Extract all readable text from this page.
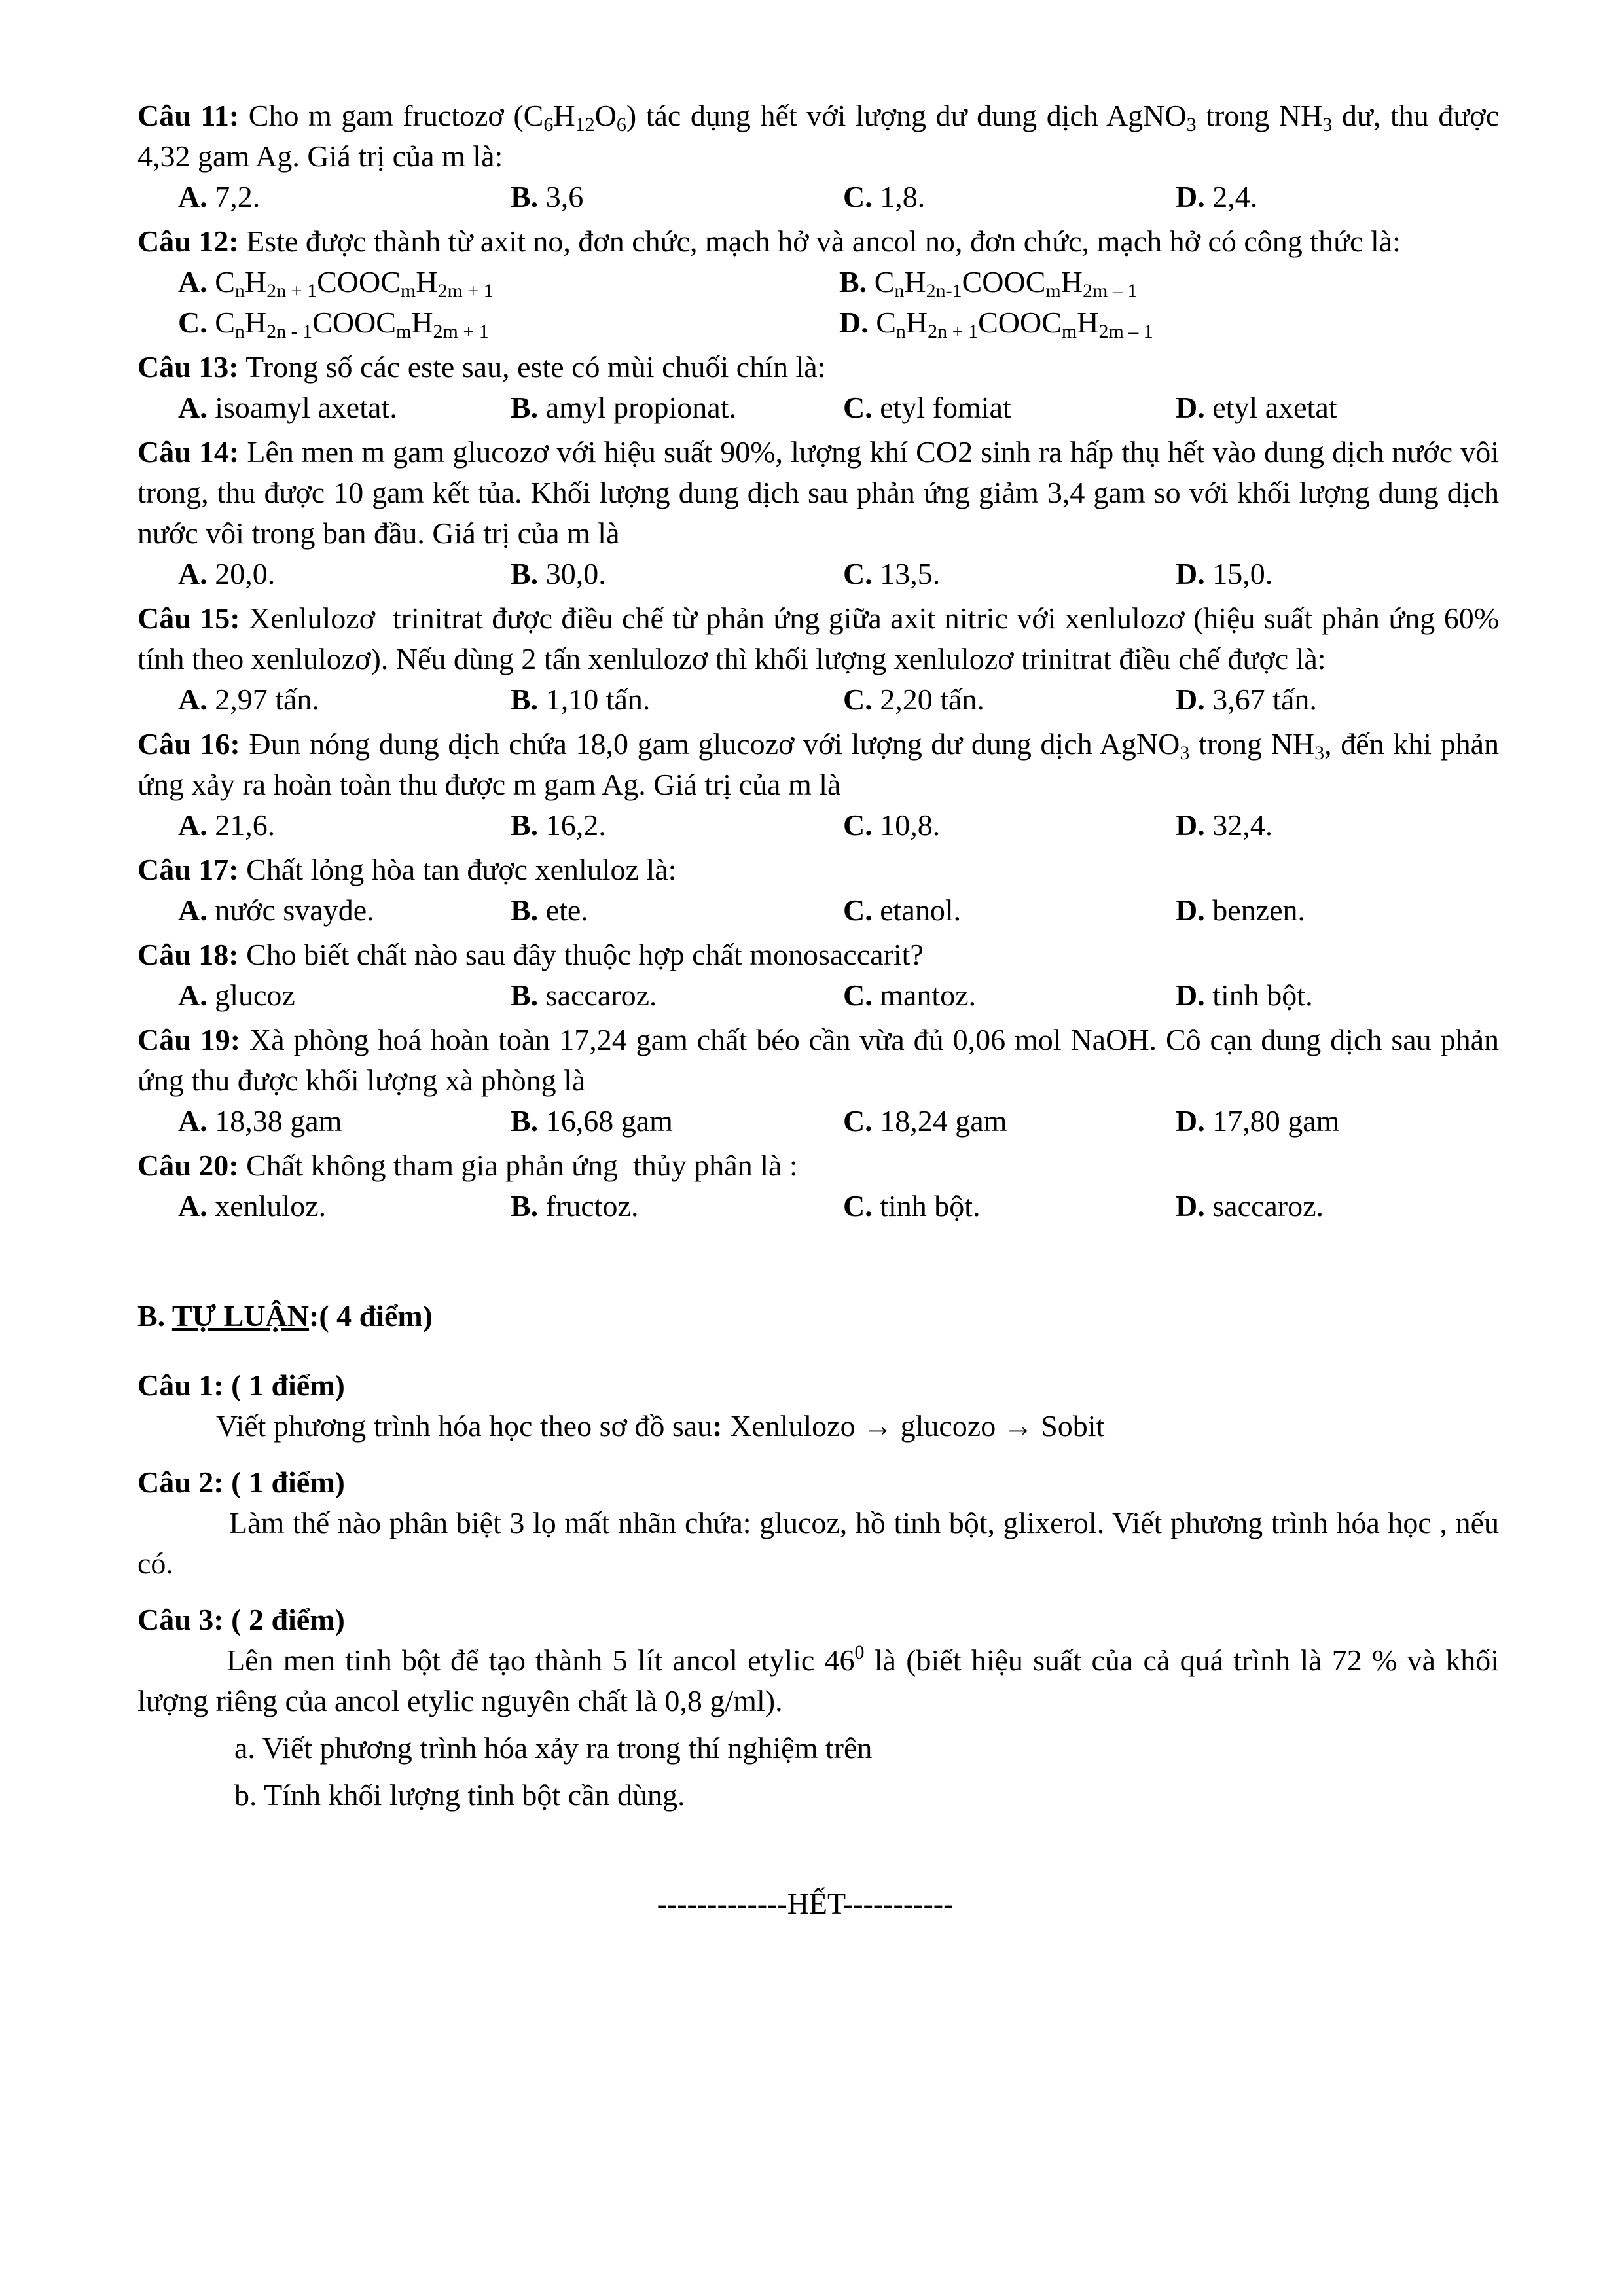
Câu 11: Cho m gam fructozơ $(C_6H_{12}O_6)$ tác dụng hết với lượng dư dung dịch AgNO$_3$ trong $NH_3$ dư, thu được 4,32 gam Ag. Giá trị của m là:
A. 7,2.	B. 3,6	C. 1,8.	D. 2,4.
Câu 12: Este được thành từ axit no, đơn chức, mạch hở và ancol no, đơn chức, mạch hở có công thức là:
A. $C_nH_{2n + 1}COOC_mH_{2m + 1}$	B. $C_nH_{2n-1}COOC_mH_{2m - 1}$
C. $C_nH_{2n - 1}COOC_mH_{2m + 1}$	D. $C_nH_{2n + 1}COOC_mH_{2m - 1}$
Câu 13: Trong số các este sau, este có mùi chuối chín là:
A. isoamyl axetat.	B. amyl propionat.	C. etyl fomiat	D. etyl axetat
Câu 14: Lên men m gam glucozơ với hiệu suất 90%, lượng khí CO2 sinh ra hấp thụ hết vào dung dịch nước vôi trong, thu được 10 gam kết tủa. Khối lượng dung dịch sau phản ứng giảm 3,4 gam so với khối lượng dung dịch nước vôi trong ban đầu. Giá trị của m là
A. 20,0.	B. 30,0.	C. 13,5.	D. 15,0.
Câu 15: Xenlulozơ  trinitrat được điều chế từ phản ứng giữa axit nitric với xenlulozơ (hiệu suất phản ứng 60% tính theo xenlulozơ). Nếu dùng 2 tấn xenlulozơ thì khối lượng xenlulozơ trinitrat điều chế được là:
A. 2,97 tấn.	B. 1,10 tấn.	C. 2,20 tấn.	D. 3,67 tấn.
Câu 16: Đun nóng dung dịch chứa 18,0 gam glucozơ với lượng dư dung dịch AgNO$_3$ trong $NH_3$, đến khi phản ứng xảy ra hoàn toàn thu được m gam Ag. Giá trị của m là
A. 21,6.	B. 16,2.	C. 10,8.	D. 32,4.
Câu 17: Chất lỏng hòa tan được xenluloz là:
A. nước svayde.	B. ete.	C. etanol.	D. benzen.
Câu 18: Cho biết chất nào sau đây thuộc hợp chất monosaccarit?
A. glucoz	B. saccaroz.	C. mantoz.	D. tinh bột.
Câu 19: Xà phòng hoá hoàn toàn 17,24 gam chất béo cần vừa đủ 0,06 mol NaOH. Cô cạn dung dịch sau phản ứng thu được khối lượng xà phòng là
A. 18,38 gam	B. 16,68 gam	C. 18,24 gam	D. 17,80 gam
Câu 20: Chất không tham gia phản ứng  thủy phân là :
A. xenluloz.	B. fructoz.	C. tinh bột.	D. saccaroz.
B. TỰ LUẬN:( 4 điểm)
Câu 1: ( 1 điểm)
Viết phương trình hóa học theo sơ đồ sau: Xenlulozo → glucozo → Sobit
Câu 2: ( 1 điểm)
Làm thế nào phân biệt 3 lọ mất nhãn chứa: glucoz, hồ tinh bột, glixerol. Viết phương trình hóa học , nếu có.
Câu 3: ( 2 điểm)
Lên men tinh bột để tạo thành 5 lít ancol etylic $46^0$ là (biết hiệu suất của cả quá trình là 72 % và khối lượng riêng của ancol etylic nguyên chất là 0,8 g/ml).
a. Viết phương trình hóa xảy ra trong thí nghiệm trên
b. Tính khối lượng tinh bột cần dùng.
-------------HẾT-----------
